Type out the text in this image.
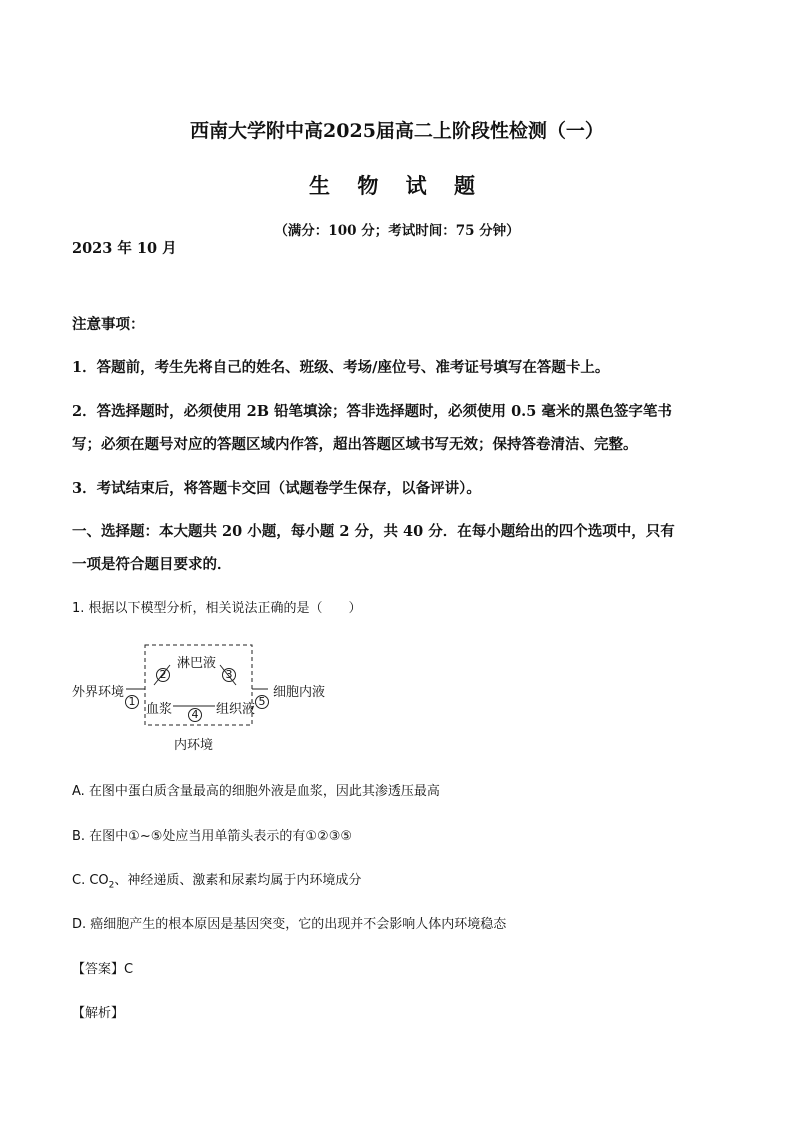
西南大学附中高2025届高二上阶段性检测（一）
生 物 试 题
（满分：100 分；考试时间：75 分钟）
2023 年 10 月
注意事项：
1．答题前，考生先将自己的姓名、班级、考场/座位号、准考证号填写在答题卡上。
2．答选择题时，必须使用 2B 铅笔填涂；答非选择题时，必须使用 0.5 毫米的黑色签字笔书
写；必须在题号对应的答题区域内作答，超出答题区域书写无效；保持答卷清洁、完整。
3．考试结束后，将答题卡交回（试题卷学生保存，以备评讲）。
一、选择题：本大题共 20 小题，每小题 2 分，共 40 分．在每小题给出的四个选项中，只有
一项是符合题目要求的．
1. 根据以下模型分析，相关说法正确的是（　　）
外界环境
1
淋巴液
2	3
血浆	4 组织液
5
细胞内液
内环境
A. 在图中蛋白质含量最高的细胞外液是血浆，因此其渗透压最高
B. 在图中①~⑤处应当用单箭头表示的有①②③⑤
C. $CO_2$、神经递质、激素和尿素均属于内环境成分
D. 癌细胞产生的根本原因是基因突变，它的出现并不会影响人体内环境稳态
【答案】C
【解析】
